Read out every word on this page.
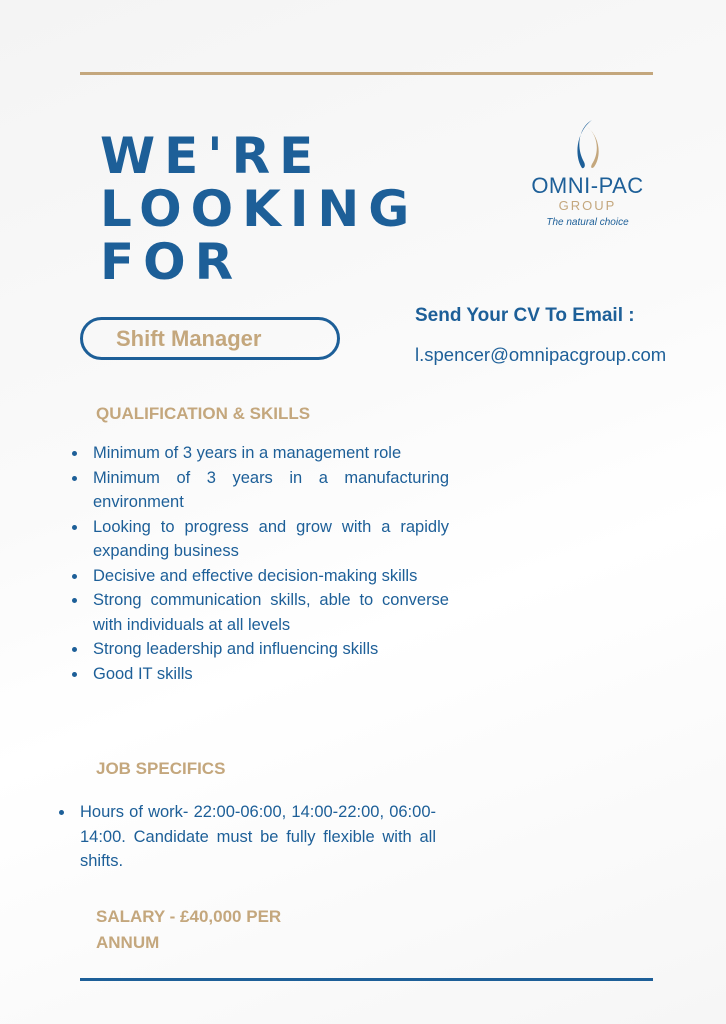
WE'RE
LOOKING
FOR
OMNI-PAC
GROUP
The natural choice
Shift Manager
Send Your CV To Email :
l.spencer@omnipacgroup.com
QUALIFICATION & SKILLS
Minimum of 3 years in a management role
Minimum of 3 years in a manufacturing environment
Looking to progress and grow with a rapidly expanding business
Decisive and effective decision-making skills
Strong communication skills, able to converse with individuals at all levels
Strong leadership and influencing skills
Good IT skills
JOB SPECIFICS
Hours of work- 22:00-06:00, 14:00-22:00, 06:00-14:00. Candidate must be fully flexible with all shifts.
SALARY - £40,000 PER
ANNUM
